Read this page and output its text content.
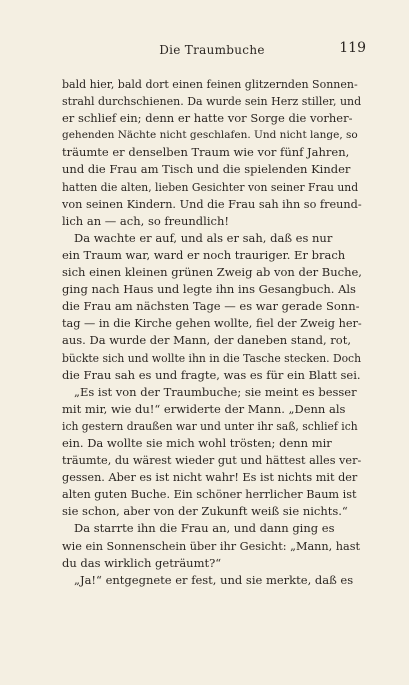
Die Traumbuche	119
bald hier, bald dort einen feinen glitzernden Sonnen-
strahl durchschienen. Da wurde sein Herz stiller, und
er schlief ein; denn er hatte vor Sorge die vorher-
gehenden Nächte nicht geschlafen. Und nicht lange, so
träumte er denselben Traum wie vor fünf Jahren,
und die Frau am Tisch und die spielenden Kinder
hatten die alten, lieben Gesichter von seiner Frau und
von seinen Kindern. Und die Frau sah ihn so freund-
lich an — ach, so freundlich!
Da wachte er auf, und als er sah, daß es nur
ein Traum war, ward er noch trauriger. Er brach
sich einen kleinen grünen Zweig ab von der Buche,
ging nach Haus und legte ihn ins Gesangbuch. Als
die Frau am nächsten Tage — es war gerade Sonn-
tag — in die Kirche gehen wollte, fiel der Zweig her-
aus. Da wurde der Mann, der daneben stand, rot,
bückte sich und wollte ihn in die Tasche stecken. Doch
die Frau sah es und fragte, was es für ein Blatt sei.
„Es ist von der Traumbuche; sie meint es besser
mit mir, wie du!“ erwiderte der Mann. „Denn als
ich gestern draußen war und unter ihr saß, schlief ich
ein. Da wollte sie mich wohl trösten; denn mir
träumte, du wärest wieder gut und hättest alles ver-
gessen. Aber es ist nicht wahr! Es ist nichts mit der
alten guten Buche. Ein schöner herrlicher Baum ist
sie schon, aber von der Zukunft weiß sie nichts.“
Da starrte ihn die Frau an, und dann ging es
wie ein Sonnenschein über ihr Gesicht: „Mann, hast
du das wirklich geträumt?“
„Ja!“ entgegnete er fest, und sie merkte, daß es
